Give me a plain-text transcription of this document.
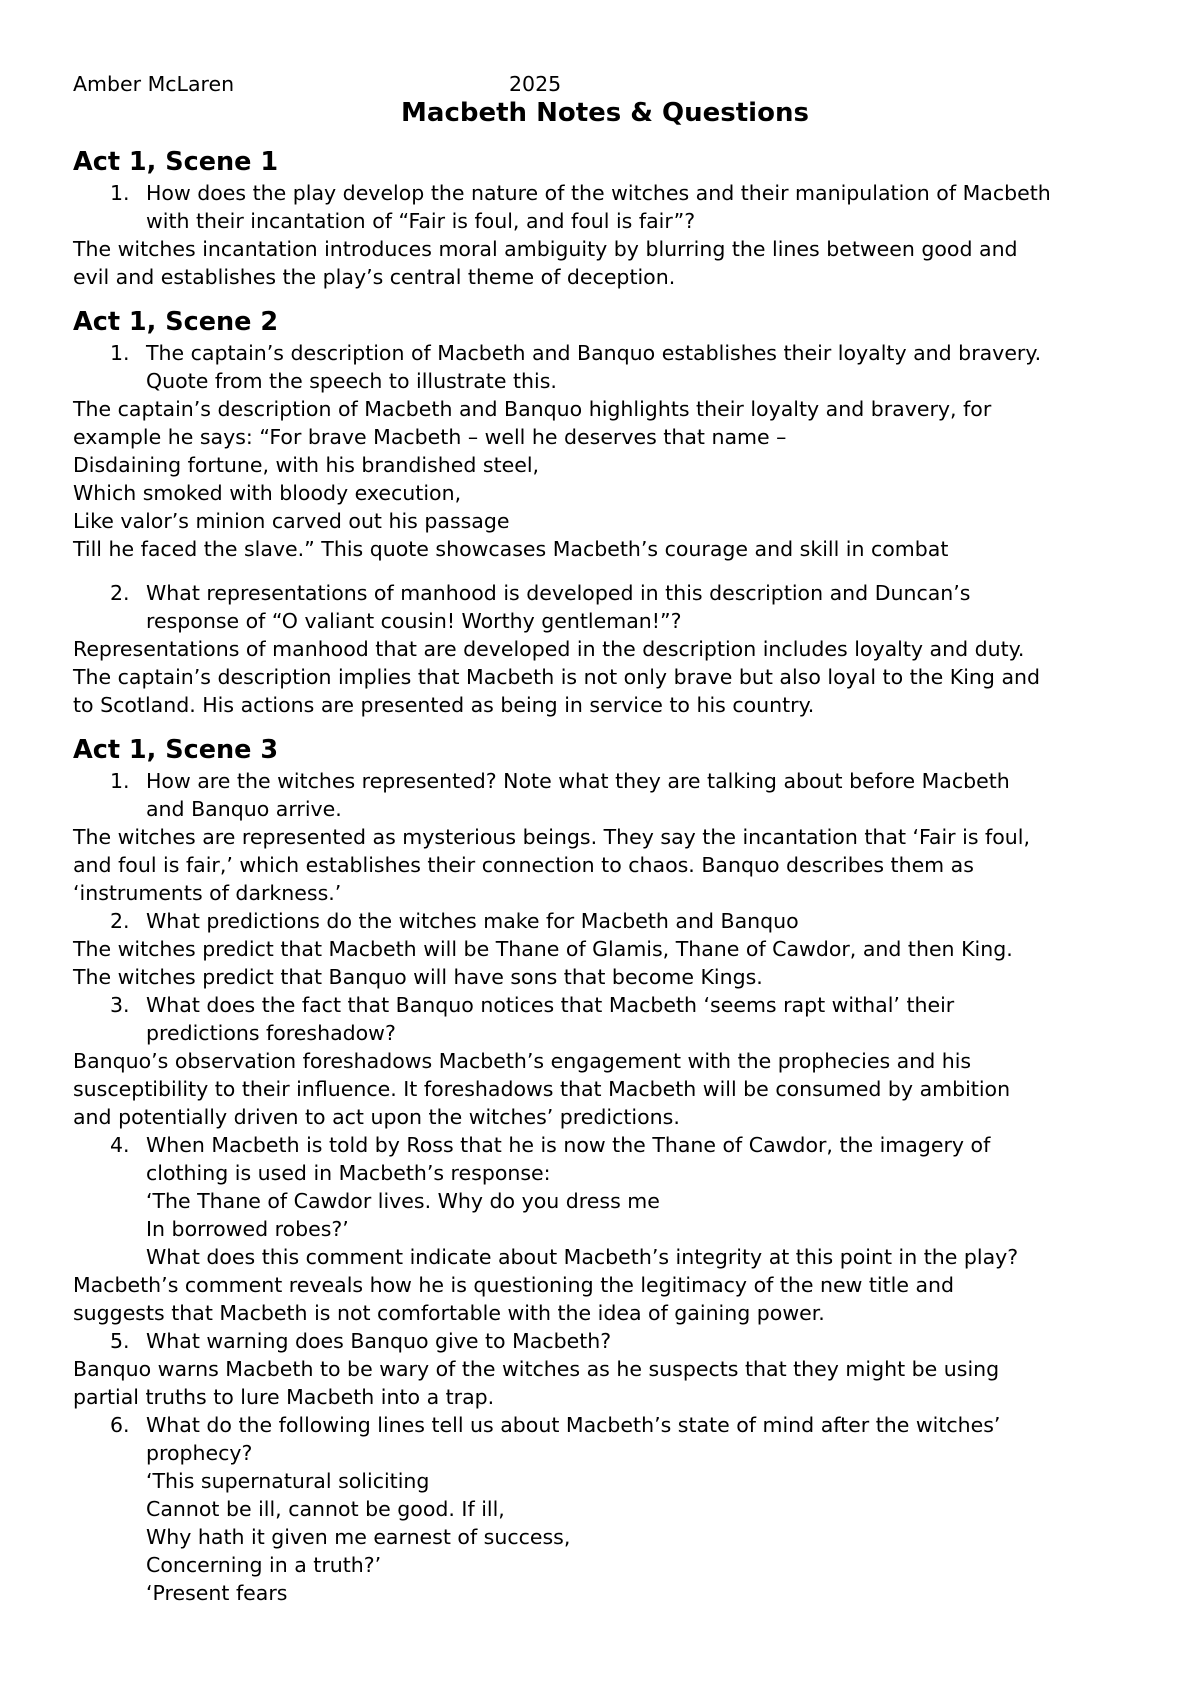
Amber McLaren	2025
Macbeth Notes & Questions
Act 1, Scene 1
1. How does the play develop the nature of the witches and their manipulation of Macbeth
with their incantation of “Fair is foul, and foul is fair”?
The witches incantation introduces moral ambiguity by blurring the lines between good and
evil and establishes the play’s central theme of deception.
Act 1, Scene 2
1. The captain’s description of Macbeth and Banquo establishes their loyalty and bravery.
Quote from the speech to illustrate this.
The captain’s description of Macbeth and Banquo highlights their loyalty and bravery, for
example he says: “For brave Macbeth – well he deserves that name –
Disdaining fortune, with his brandished steel,
Which smoked with bloody execution,
Like valor’s minion carved out his passage
Till he faced the slave.” This quote showcases Macbeth’s courage and skill in combat
2. What representations of manhood is developed in this description and Duncan’s
response of “O valiant cousin! Worthy gentleman!”?
Representations of manhood that are developed in the description includes loyalty and duty.
The captain’s description implies that Macbeth is not only brave but also loyal to the King and
to Scotland. His actions are presented as being in service to his country.
Act 1, Scene 3
1. How are the witches represented? Note what they are talking about before Macbeth
and Banquo arrive.
The witches are represented as mysterious beings. They say the incantation that ‘Fair is foul,
and foul is fair,’ which establishes their connection to chaos. Banquo describes them as
‘instruments of darkness.’
2. What predictions do the witches make for Macbeth and Banquo
The witches predict that Macbeth will be Thane of Glamis, Thane of Cawdor, and then King.
The witches predict that Banquo will have sons that become Kings.
3. What does the fact that Banquo notices that Macbeth ‘seems rapt withal’ their
predictions foreshadow?
Banquo’s observation foreshadows Macbeth’s engagement with the prophecies and his
susceptibility to their influence. It foreshadows that Macbeth will be consumed by ambition
and potentially driven to act upon the witches’ predictions.
4. When Macbeth is told by Ross that he is now the Thane of Cawdor, the imagery of
clothing is used in Macbeth’s response:
‘The Thane of Cawdor lives. Why do you dress me
In borrowed robes?’
What does this comment indicate about Macbeth’s integrity at this point in the play?
Macbeth’s comment reveals how he is questioning the legitimacy of the new title and
suggests that Macbeth is not comfortable with the idea of gaining power.
5. What warning does Banquo give to Macbeth?
Banquo warns Macbeth to be wary of the witches as he suspects that they might be using
partial truths to lure Macbeth into a trap.
6. What do the following lines tell us about Macbeth’s state of mind after the witches’
prophecy?
‘This supernatural soliciting
Cannot be ill, cannot be good. If ill,
Why hath it given me earnest of success,
Concerning in a truth?’
‘Present fears
